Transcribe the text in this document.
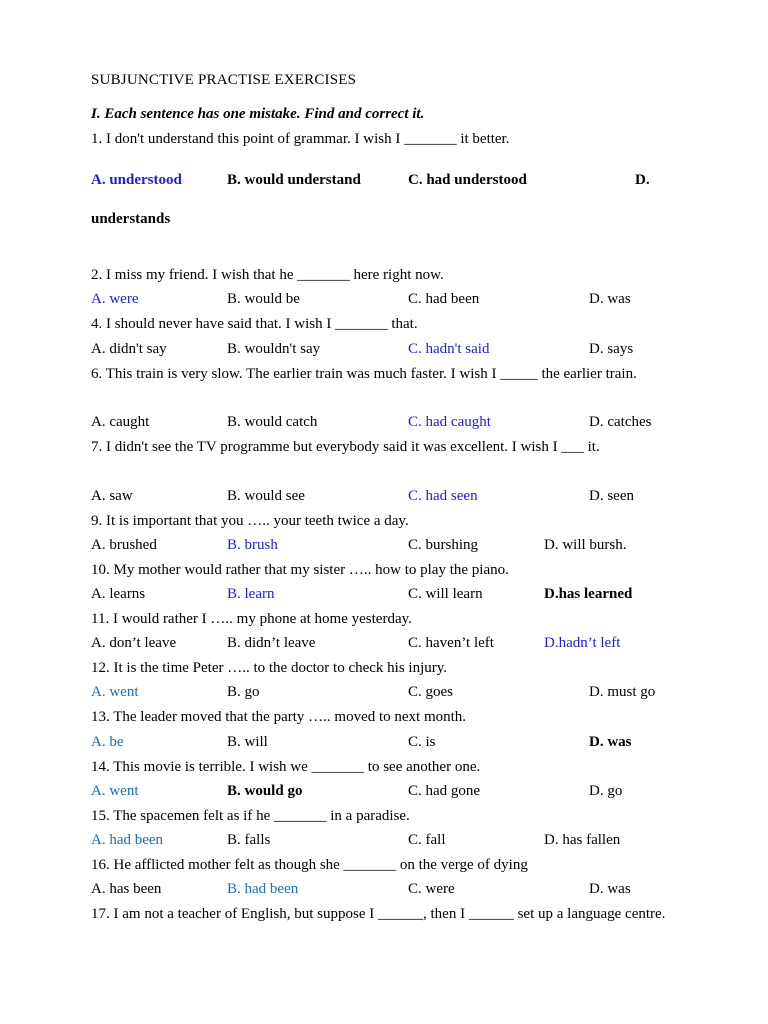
SUBJUNCTIVE PRACTISE EXERCISES
I. Each sentence has one mistake. Find and correct it.
1. I don't understand this point of grammar. I wish I _______ it better.
A. understood	B. would understand	C. had understood	D.
understands
2. I miss my friend. I wish that he _______ here right now.
A. were	B. would be	C. had been	D. was
4. I should never have said that. I wish I _______ that.
A. didn't say	B. wouldn't say	C. hadn't said	D. says
6. This train is very slow. The earlier train was much faster. I wish I _____ the earlier train.
A. caught	B. would catch	C. had caught	D. catches
7. I didn't see the TV programme but everybody said it was excellent. I wish I ___ it.
A. saw	B. would see	C. had seen	D. seen
9. It is important that you ….. your teeth twice a day.
A. brushed	B. brush	C. burshing	D. will bursh.
10. My mother would rather that my sister ….. how to play the piano.
A. learns	B. learn	C. will learn	D.has learned
11. I would rather I ….. my phone at home yesterday.
A. don’t leave	B. didn’t leave	C. haven’t left	D.hadn’t left
12. It is the time Peter ….. to the doctor to check his injury.
A. went	B. go	C. goes	D. must go
13. The leader moved that the party ….. moved to next month.
A. be	B. will	C. is	D. was
14. This movie is terrible. I wish we _______ to see another one.
A. went	B. would go	C. had gone	D. go
15. The spacemen felt as if he _______ in a paradise.
A. had been	B. falls	C. fall	D. has fallen
16. He afflicted mother felt as though she _______ on the verge of dying
A. has been	B. had been	C. were	D. was
17. I am not a teacher of English, but suppose I ______, then I ______ set up a language centre.
